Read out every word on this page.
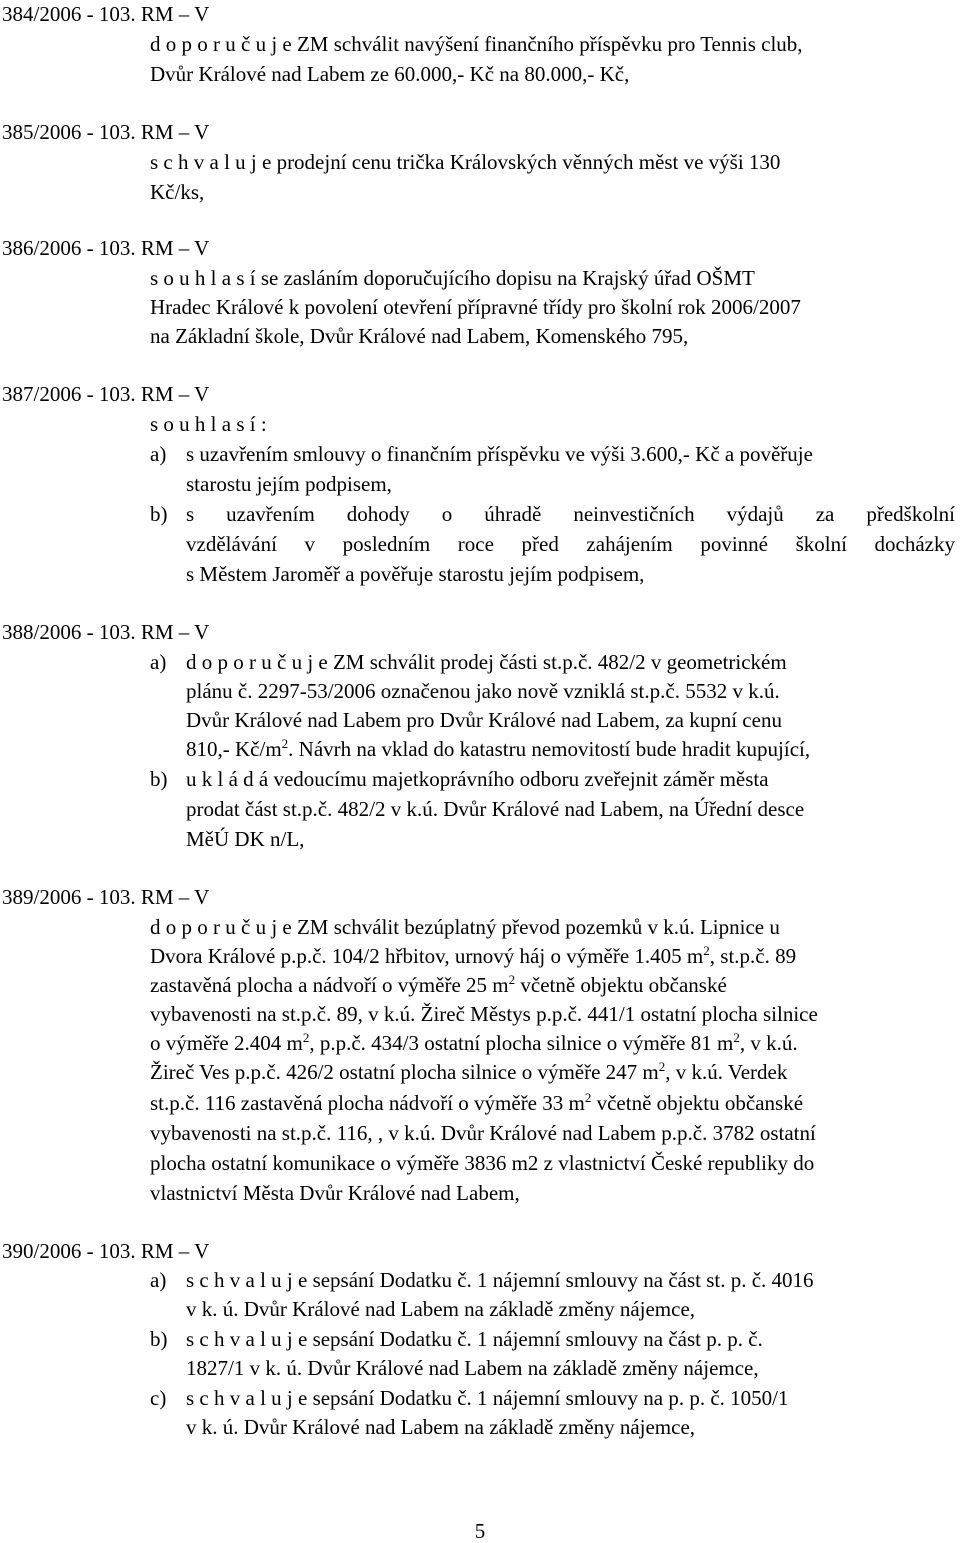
384/2006 - 103. RM – V
d o p o r u č u j e ZM schválit navýšení finančního příspěvku pro Tennis club,
Dvůr Králové nad Labem ze 60.000,- Kč na 80.000,- Kč,
385/2006 - 103. RM – V
s c h v a l u j e prodejní cenu trička Královských věnných měst ve výši 130
Kč/ks,
386/2006 - 103. RM – V
s o u h l a s í se zasláním doporučujícího dopisu na Krajský úřad OŠMT
Hradec Králové k povolení otevření přípravné třídy pro školní rok 2006/2007
na Základní škole, Dvůr Králové nad Labem, Komenského 795,
387/2006 - 103. RM – V
s o u h l a s í :
a) s uzavřením smlouvy o finančním příspěvku ve výši 3.600,- Kč a pověřuje
starostu jejím podpisem,
b) s uzavřením dohody o úhradě neinvestičních výdajů za předškolní
vzdělávání v posledním roce před zahájením povinné školní docházky
s Městem Jaroměř a pověřuje starostu jejím podpisem,
388/2006 - 103. RM – V
a) d o p o r u č u j e ZM schválit prodej části st.p.č. 482/2 v geometrickém
plánu č. 2297-53/2006 označenou jako nově vzniklá st.p.č. 5532 v k.ú.
Dvůr Králové nad Labem pro Dvůr Králové nad Labem, za kupní cenu
810,- $Kč/m^2$. Návrh na vklad do katastru nemovitostí bude hradit kupující,
b) u k l á d á vedoucímu majetkoprávního odboru zveřejnit záměr města
prodat část st.p.č. 482/2 v k.ú. Dvůr Králové nad Labem, na Úřední desce
MěÚ DK n/L,
389/2006 - 103. RM – V
d o p o r u č u j e ZM schválit bezúplatný převod pozemků v k.ú. Lipnice u
Dvora Králové p.p.č. 104/2 hřbitov, urnový háj o výměře 1.405 $m^2$, st.p.č. 89
zastavěná plocha a nádvoří o výměře 25 $m^2$ včetně objektu občanské
vybavenosti na st.p.č. 89, v k.ú. Žireč Městys p.p.č. 441/1 ostatní plocha silnice
o výměře 2.404 $m^2$, p.p.č. 434/3 ostatní plocha silnice o výměře 81 $m^2$, v k.ú.
Žireč Ves p.p.č. 426/2 ostatní plocha silnice o výměře 247 $m^2$, v k.ú. Verdek
st.p.č. 116 zastavěná plocha nádvoří o výměře 33 $m^2$ včetně objektu občanské
vybavenosti na st.p.č. 116, , v k.ú. Dvůr Králové nad Labem p.p.č. 3782 ostatní
plocha ostatní komunikace o výměře 3836 m2 z vlastnictví České republiky do
vlastnictví Města Dvůr Králové nad Labem,
390/2006 - 103. RM – V
a) s c h v a l u j e sepsání Dodatku č. 1 nájemní smlouvy na část st. p. č. 4016
v k. ú. Dvůr Králové nad Labem na základě změny nájemce,
b) s c h v a l u j e sepsání Dodatku č. 1 nájemní smlouvy na část p. p. č.
1827/1 v k. ú. Dvůr Králové nad Labem na základě změny nájemce,
c) s c h v a l u j e sepsání Dodatku č. 1 nájemní smlouvy na p. p. č. 1050/1
v k. ú. Dvůr Králové nad Labem na základě změny nájemce,
5
